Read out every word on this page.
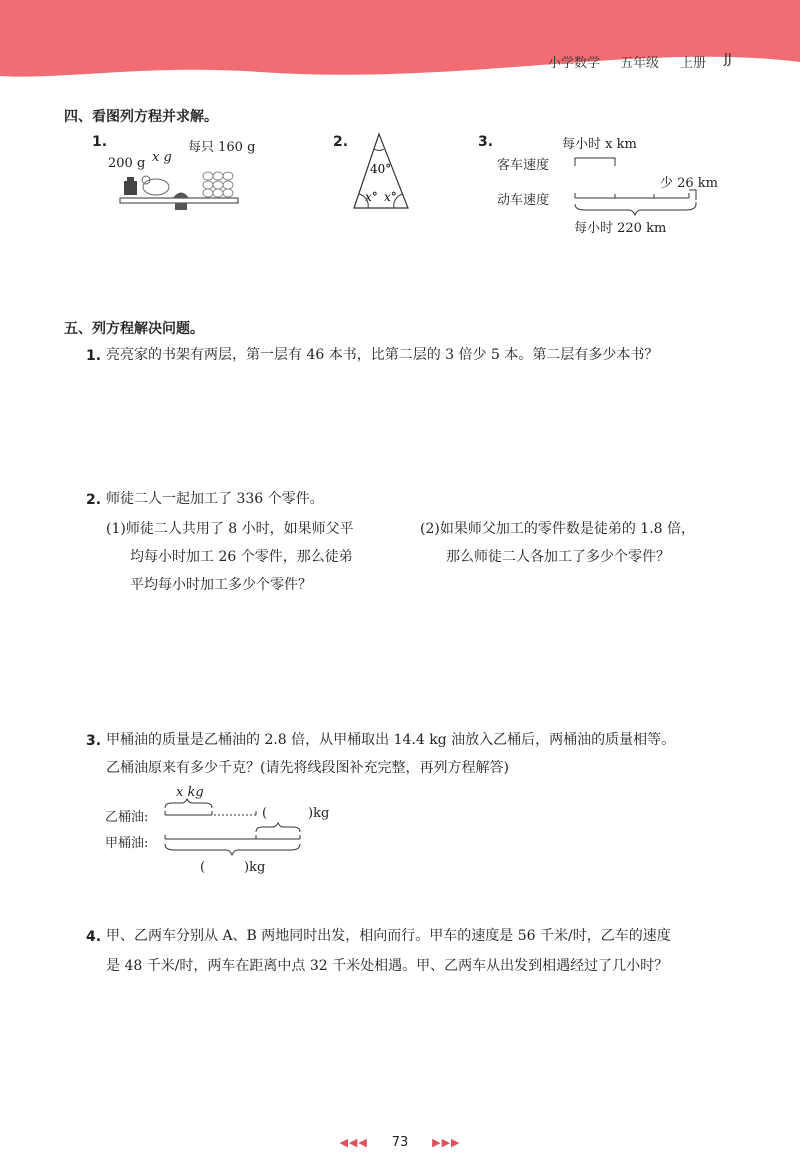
小学数学 五年级 上册 JJ
四、看图列方程并求解。
1.	每只 160 g
200 g x g
2.
40°
x° x°
3.	每小时 x km
客车速度
动车速度
少 26 km
每小时 220 km
五、列方程解决问题。
1. 亮亮家的书架有两层，第一层有 46 本书，比第二层的 3 倍少 5 本。第二层有多少本书？
2. 师徒二人一起加工了 336 个零件。
(1)师徒二人共用了 8 小时，如果师父平
均每小时加工 26 个零件，那么徒弟
平均每小时加工多少个零件？
(2)如果师父加工的零件数是徒弟的 1.8 倍，
那么师徒二人各加工了多少个零件？
3. 甲桶油的质量是乙桶油的 2.8 倍，从甲桶取出 14.4 kg 油放入乙桶后，两桶油的质量相等。
乙桶油原来有多少千克？(请先将线段图补充完整，再列方程解答)
x kg
乙桶油:
甲桶油:
(	)kg
(	)kg
4. 甲、乙两车分别从 A、B 两地同时出发，相向而行。甲车的速度是 56 千米/时，乙车的速度
是 48 千米/时，两车在距离中点 32 千米处相遇。甲、乙两车从出发到相遇经过了几小时？
◀◀◀ 73 ▶▶▶
